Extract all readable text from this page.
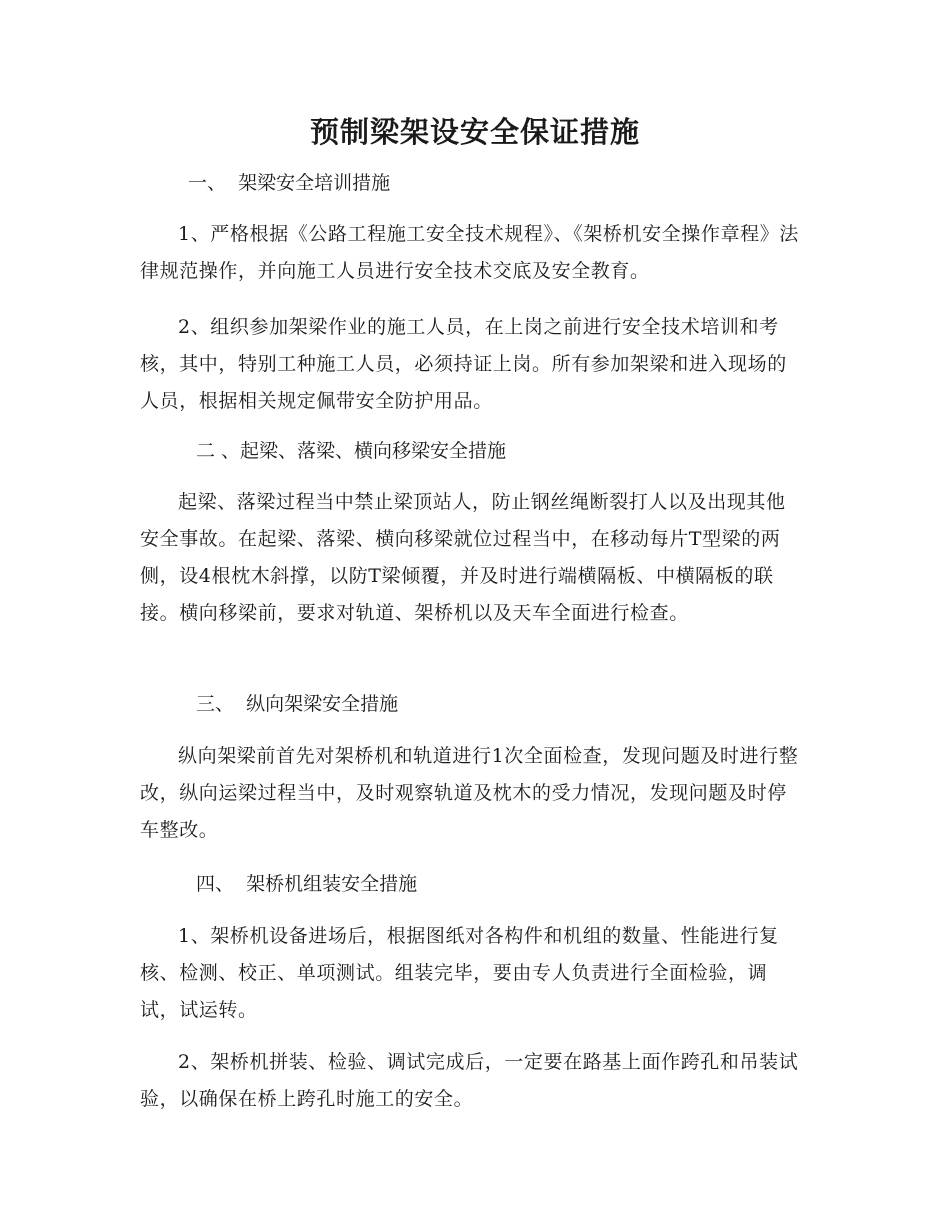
预制梁架设安全保证措施
一、  架梁安全培训措施

1、严格根据《公路工程施工安全技术规程》、《架桥机安全操作章程》法律规范操作，并向施工人员进行安全技术交底及安全教育。

2、组织参加架梁作业的施工人员，在上岗之前进行安全技术培训和考核，其中，特别工种施工人员，必须持证上岗。所有参加架梁和进入现场的人员，根据相关规定佩带安全防护用品。

二 、起梁、落梁、横向移梁安全措施

起梁、落梁过程当中禁止梁顶站人，防止钢丝绳断裂打人以及出现其他安全事故。在起梁、落梁、横向移梁就位过程当中，在移动每片T型梁的两侧，设4根枕木斜撑，以防T梁倾覆，并及时进行端横隔板、中横隔板的联接。横向移梁前，要求对轨道、架桥机以及天车全面进行检查。

三、  纵向架梁安全措施

纵向架梁前首先对架桥机和轨道进行1次全面检查，发现问题及时进行整改，纵向运梁过程当中，及时观察轨道及枕木的受力情况，发现问题及时停车整改。

四、  架桥机组装安全措施

1、架桥机设备进场后，根据图纸对各构件和机组的数量、性能进行复核、检测、校正、单项测试。组装完毕，要由专人负责进行全面检验，调试，试运转。

2、架桥机拼装、检验、调试完成后，一定要在路基上面作跨孔和吊装试验，以确保在桥上跨孔时施工的安全。
